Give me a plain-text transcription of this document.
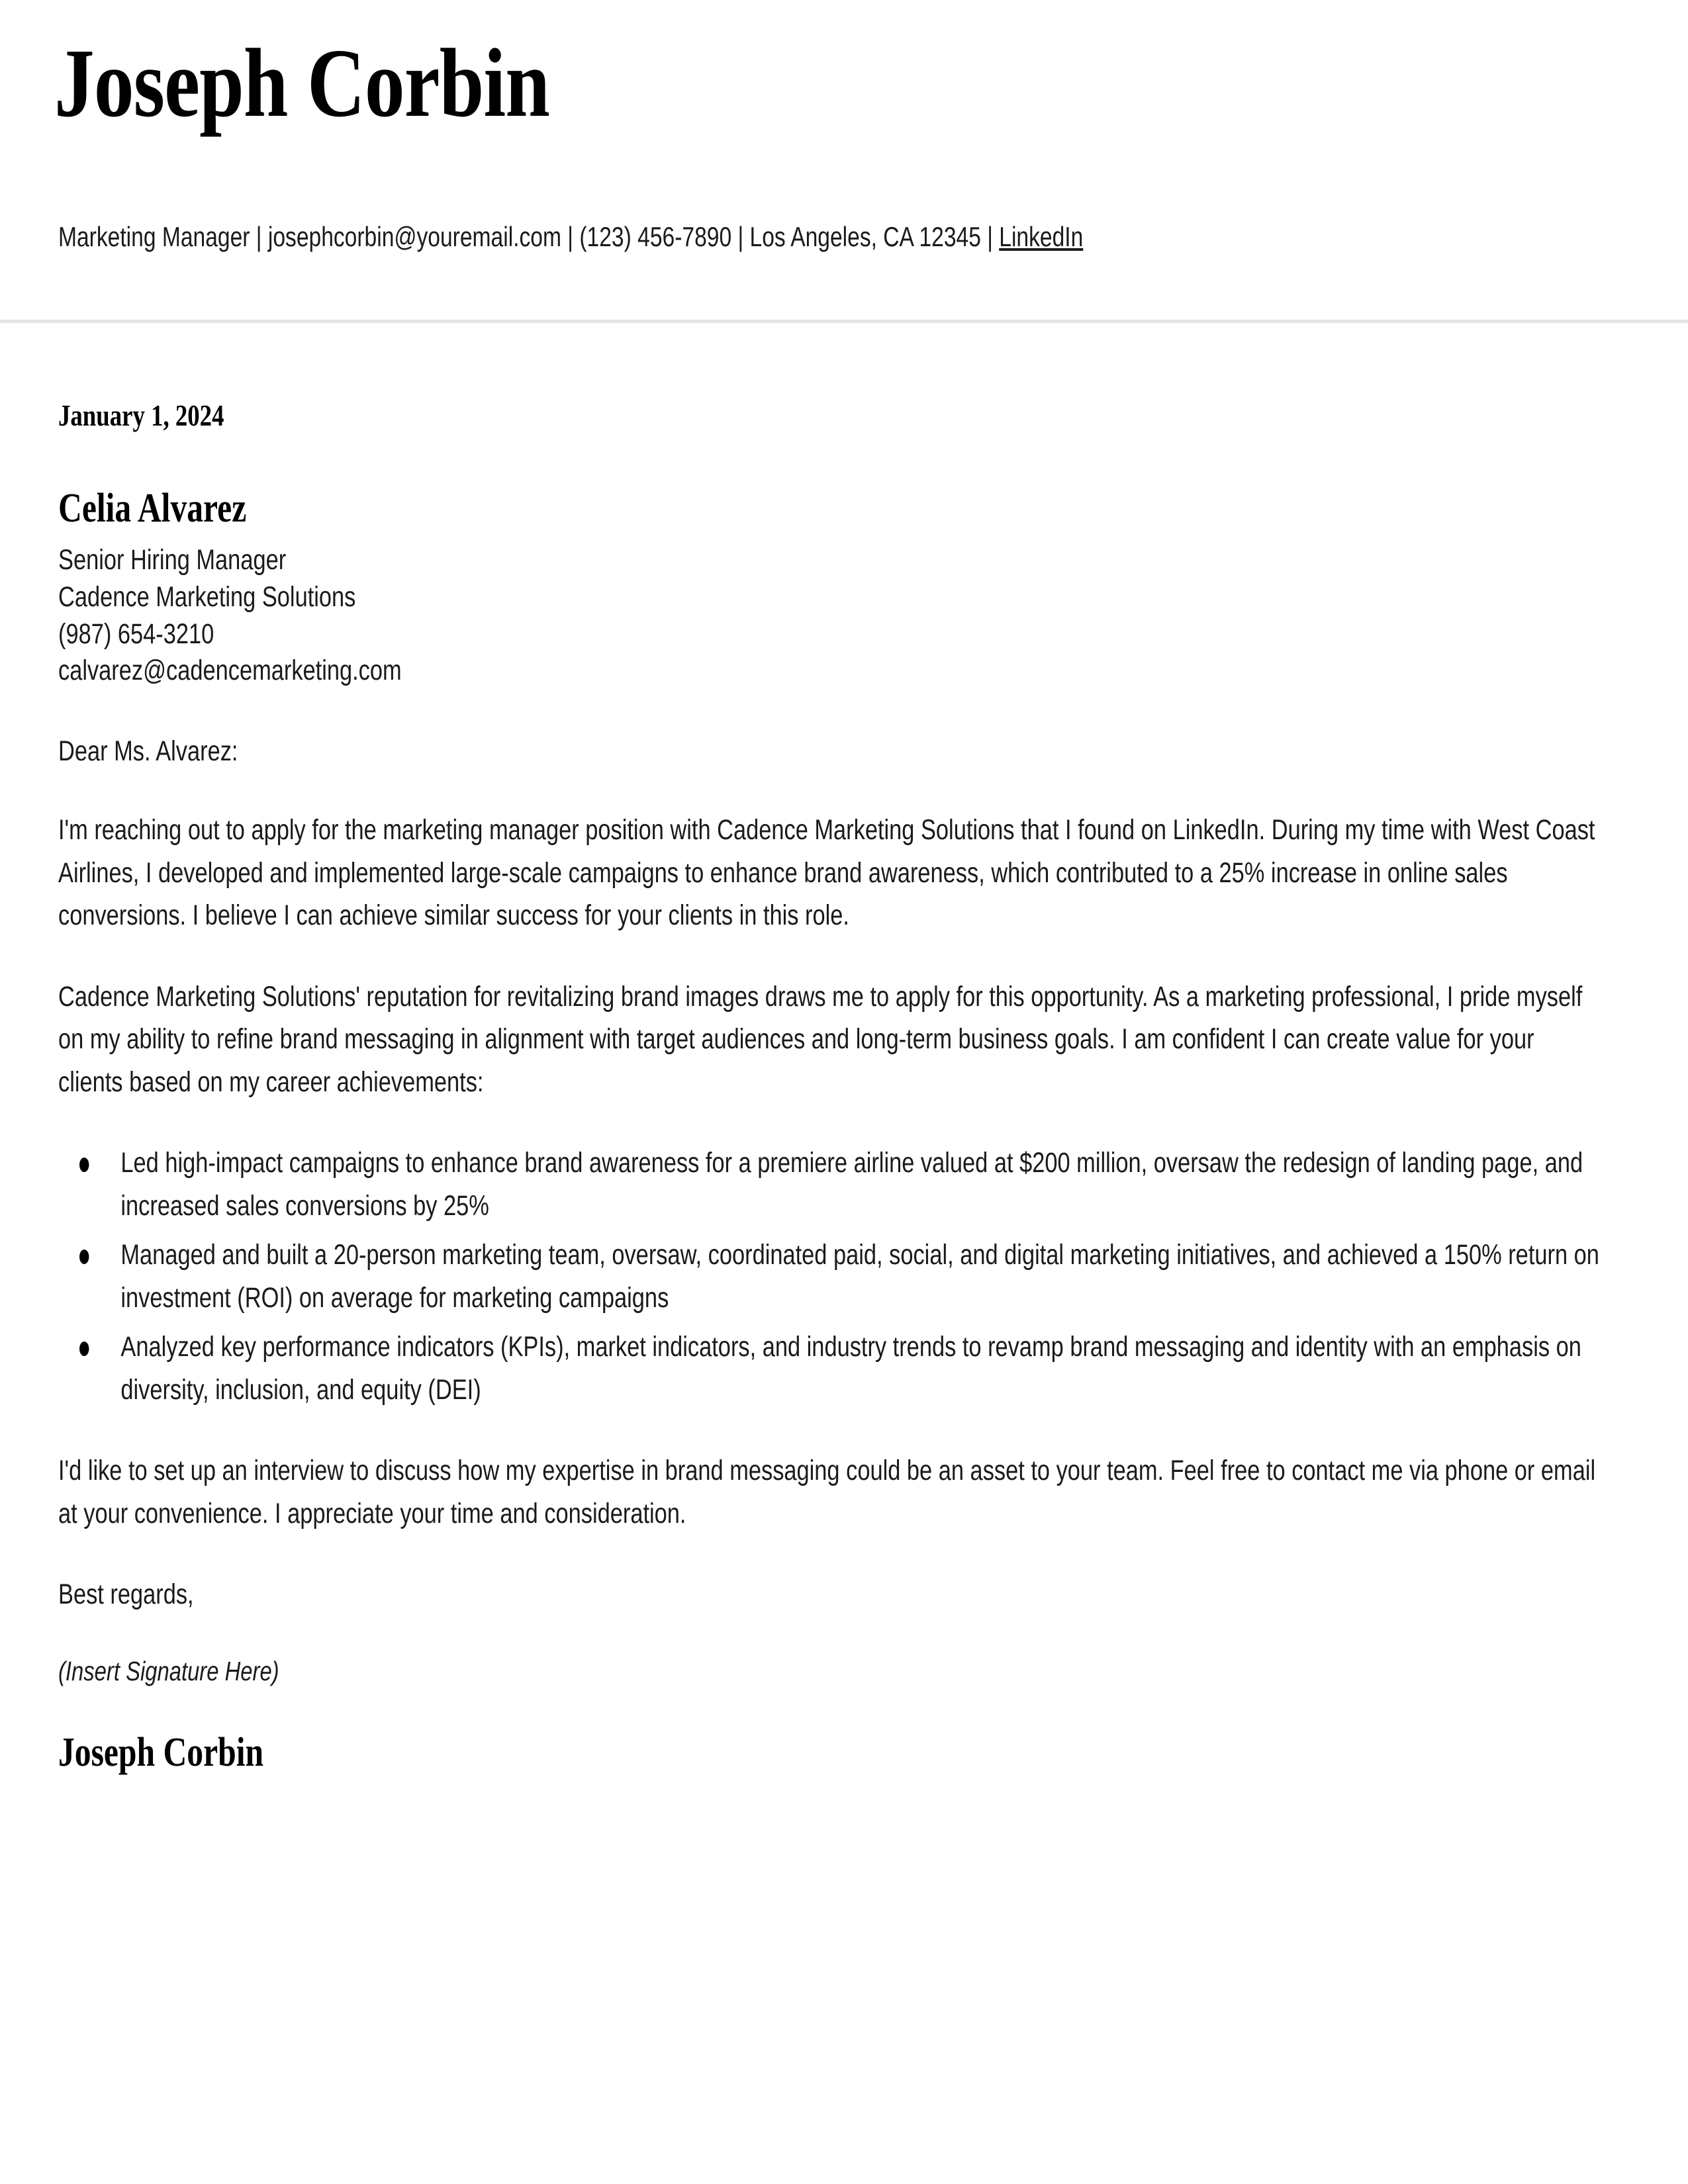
Joseph Corbin
Marketing Manager | josephcorbin@youremail.com | (123) 456-7890 | Los Angeles, CA 12345 | LinkedIn
January 1, 2024
Celia Alvarez
Senior Hiring Manager
Cadence Marketing Solutions
(987) 654-3210
calvarez@cadencemarketing.com
Dear Ms. Alvarez:

I'm reaching out to apply for the marketing manager position with Cadence Marketing Solutions that I found on LinkedIn. During my time with West Coast Airlines, I developed and implemented large-scale campaigns to enhance brand awareness, which contributed to a 25% increase in online sales conversions. I believe I can achieve similar success for your clients in this role.

Cadence Marketing Solutions' reputation for revitalizing brand images draws me to apply for this opportunity. As a marketing professional, I pride myself on my ability to refine brand messaging in alignment with target audiences and long-term business goals. I am confident I can create value for your clients based on my career achievements:

Led high-impact campaigns to enhance brand awareness for a premiere airline valued at $200 million, oversaw the redesign of landing page, and increased sales conversions by 25%
Managed and built a 20-person marketing team, oversaw, coordinated paid, social, and digital marketing initiatives, and achieved a 150% return on investment (ROI) on average for marketing campaigns
Analyzed key performance indicators (KPIs), market indicators, and industry trends to revamp brand messaging and identity with an emphasis on diversity, inclusion, and equity (DEI)

I'd like to set up an interview to discuss how my expertise in brand messaging could be an asset to your team. Feel free to contact me via phone or email at your convenience. I appreciate your time and consideration.

Best regards,
(Insert Signature Here)
Joseph Corbin
